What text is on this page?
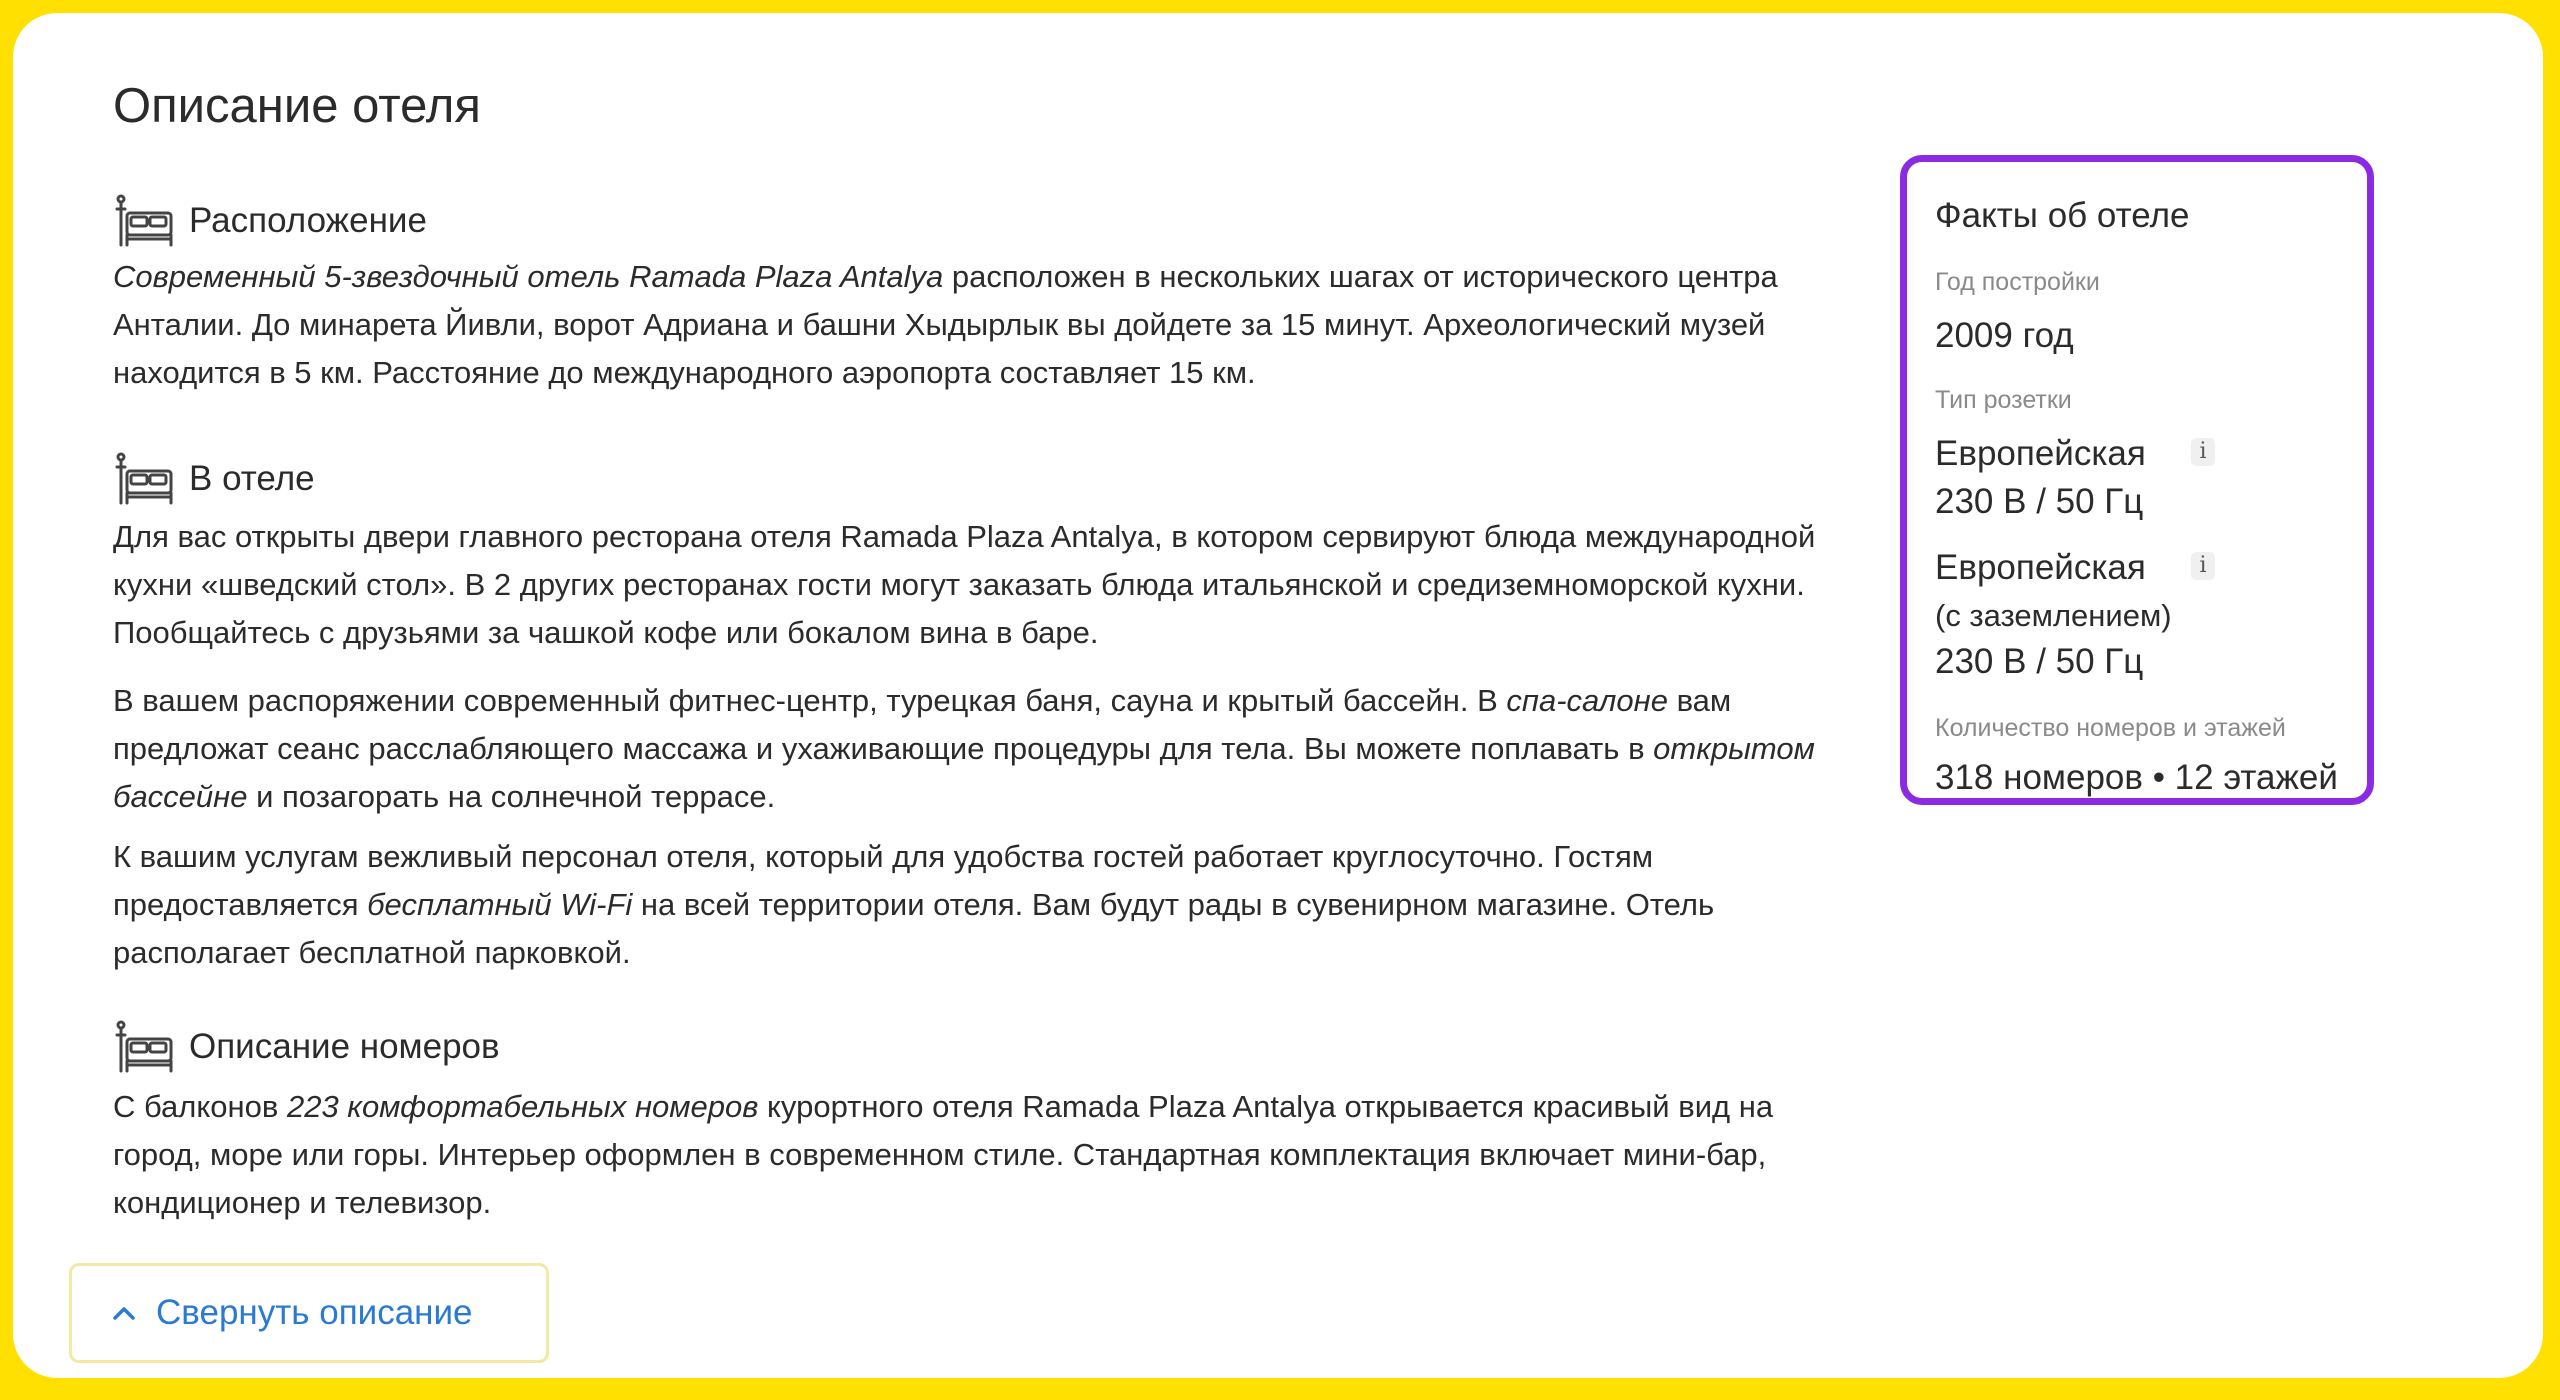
Описание отеля
Расположение

Современный 5-звездочный отель Ramada Plaza Antalya расположен в нескольких шагах от исторического центра Анталии. До минарета Йивли, ворот Адриана и башни Хыдырлык вы дойдете за 15 минут. Археологический музей находится в 5 км. Расстояние до международного аэропорта составляет 15 км.

В отеле

Для вас открыты двери главного ресторана отеля Ramada Plaza Antalya, в котором сервируют блюда международной кухни «шведский стол». В 2 других ресторанах гости могут заказать блюда итальянской и средиземноморской кухни. Пообщайтесь с друзьями за чашкой кофе или бокалом вина в баре.

В вашем распоряжении современный фитнес-центр, турецкая баня, сауна и крытый бассейн. В спа-салоне вам предложат сеанс расслабляющего массажа и ухаживающие процедуры для тела. Вы можете поплавать в открытом бассейне и позагорать на солнечной террасе.

К вашим услугам вежливый персонал отеля, который для удобства гостей работает круглосуточно. Гостям предоставляется бесплатный Wi-Fi на всей территории отеля. Вам будут рады в сувенирном магазине. Отель располагает бесплатной парковкой.

Описание номеров

С балконов 223 комфортабельных номеров курортного отеля Ramada Plaza Antalya открывается красивый вид на город, море или горы. Интерьер оформлен в современном стиле. Стандартная комплектация включает мини-бар, кондиционер и телевизор.

Факты об отеле
Год постройки
2009 год
Тип розетки
Европейская	i
230 В / 50 Гц
Европейская	i
(с заземлением)
230 В / 50 Гц
Количество номеров и этажей
318 номеров • 12 этажей
Свернуть описание
